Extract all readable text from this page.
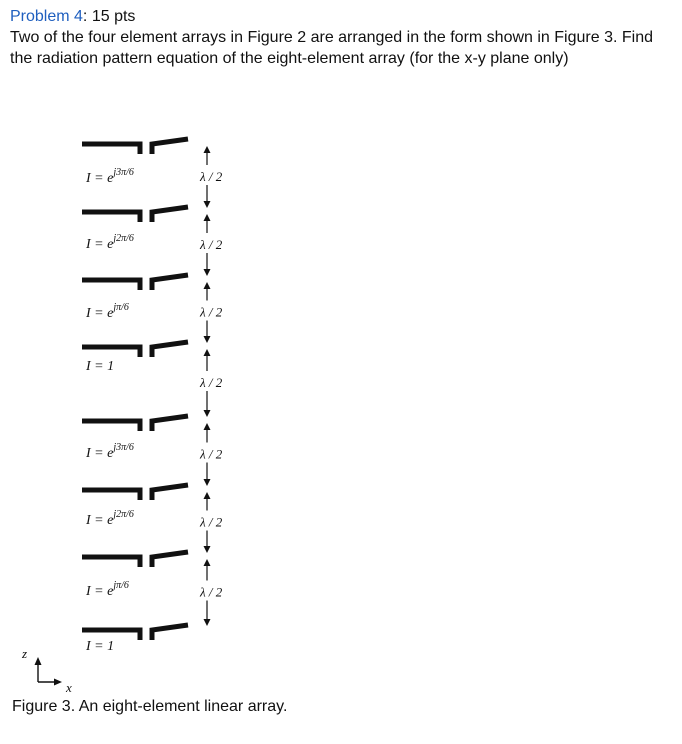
Problem 4: 15 pts

Two of the four element arrays in Figure 2 are arranged in the form shown in Figure 3. Find the radiation pattern equation of the eight-element array (for the x-y plane only)

λ / 2
λ / 2
λ / 2
λ / 2
λ / 2
λ / 2
λ / 2
$I = e^{j3\pi/6}$
$I = e^{j2\pi/6}$
$I = e^{j\pi/6}$
I = 1
$I = e^{j3\pi/6}$
$I = e^{j2\pi/6}$
$I = e^{j\pi/6}$
I = 1
z
x
Figure 3. An eight-element linear array.
